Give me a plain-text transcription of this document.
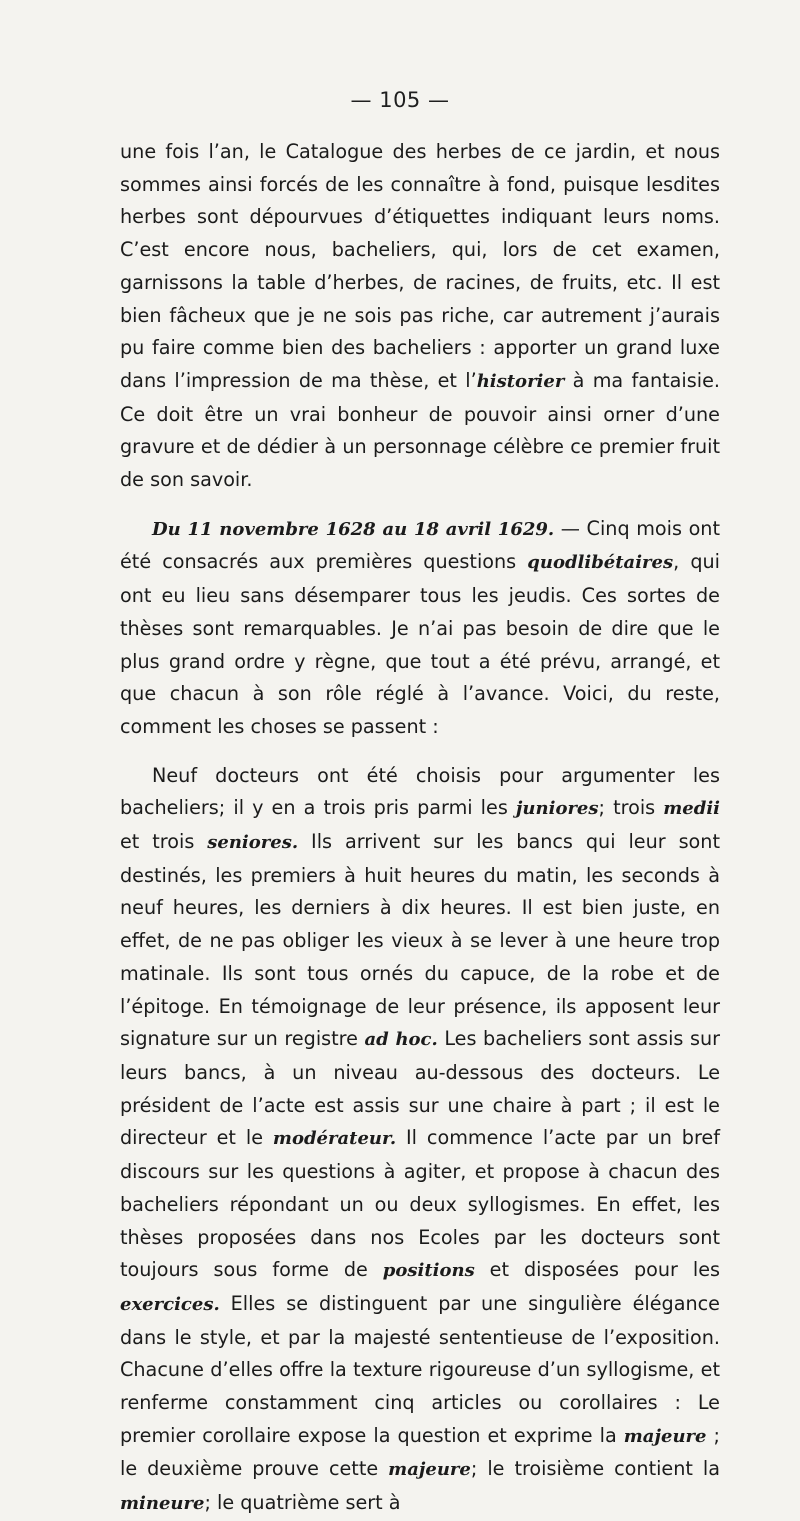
— 105 —

une fois l’an, le Catalogue des herbes de ce jardin, et nous sommes ainsi forcés de les connaître à fond, puisque lesdites herbes sont dépourvues d’étiquettes indiquant leurs noms. C’est encore nous, bacheliers, qui, lors de cet examen, garnissons la table d’herbes, de racines, de fruits, etc. Il est bien fâcheux que je ne sois pas riche, car autrement j’aurais pu faire comme bien des bacheliers : apporter un grand luxe dans l’impression de ma thèse, et l’historier à ma fantaisie. Ce doit être un vrai bonheur de pouvoir ainsi orner d’une gravure et de dédier à un personnage célèbre ce premier fruit de son savoir.

Du 11 novembre 1628 au 18 avril 1629. — Cinq mois ont été consacrés aux premières questions quodlibétaires, qui ont eu lieu sans désemparer tous les jeudis. Ces sortes de thèses sont remarquables. Je n’ai pas besoin de dire que le plus grand ordre y règne, que tout a été prévu, arrangé, et que chacun à son rôle réglé à l’avance. Voici, du reste, comment les choses se passent :

Neuf docteurs ont été choisis pour argumenter les bacheliers; il y en a trois pris parmi les juniores; trois medii et trois seniores. Ils arrivent sur les bancs qui leur sont destinés, les premiers à huit heures du matin, les seconds à neuf heures, les derniers à dix heures. Il est bien juste, en effet, de ne pas obliger les vieux à se lever à une heure trop matinale. Ils sont tous ornés du capuce, de la robe et de l’épitoge. En témoignage de leur présence, ils apposent leur signature sur un registre ad hoc. Les bacheliers sont assis sur leurs bancs, à un niveau au-dessous des docteurs. Le président de l’acte est assis sur une chaire à part ; il est le directeur et le modérateur. Il commence l’acte par un bref discours sur les questions à agiter, et propose à chacun des bacheliers répondant un ou deux syllogismes. En effet, les thèses proposées dans nos Ecoles par les docteurs sont toujours sous forme de positions et disposées pour les exercices. Elles se distinguent par une singulière élégance dans le style, et par la majesté sententieuse de l’exposition. Chacune d’elles offre la texture rigoureuse d’un syllogisme, et renferme constamment cinq articles ou corollaires : Le premier corollaire expose la question et exprime la majeure ; le deuxième prouve cette majeure; le troisième contient la mineure; le quatrième sert à
